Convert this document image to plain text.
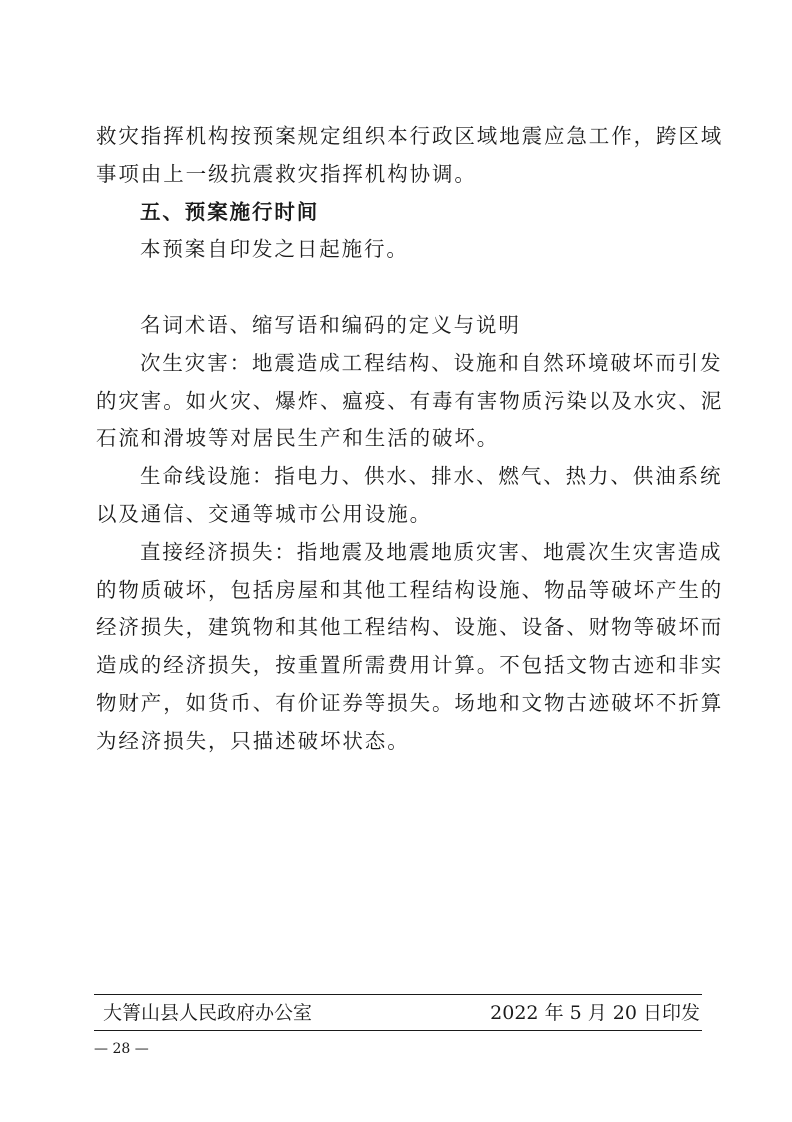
救灾指挥机构按预案规定组织本行政区域地震应急工作，跨区域
事项由上一级抗震救灾指挥机构协调。
五、预案施行时间
本预案自印发之日起施行。
名词术语、缩写语和编码的定义与说明
次生灾害：地震造成工程结构、设施和自然环境破坏而引发
的灾害。如火灾、爆炸、瘟疫、有毒有害物质污染以及水灾、泥
石流和滑坡等对居民生产和生活的破坏。
生命线设施：指电力、供水、排水、燃气、热力、供油系统
以及通信、交通等城市公用设施。
直接经济损失：指地震及地震地质灾害、地震次生灾害造成
的物质破坏，包括房屋和其他工程结构设施、物品等破坏产生的
经济损失，建筑物和其他工程结构、设施、设备、财物等破坏而
造成的经济损失，按重置所需费用计算。不包括文物古迹和非实
物财产，如货币、有价证券等损失。场地和文物古迹破坏不折算
为经济损失，只描述破坏状态。
大箐山县人民政府办公室	2022 年 5 月 20 日印发
— 28 —
